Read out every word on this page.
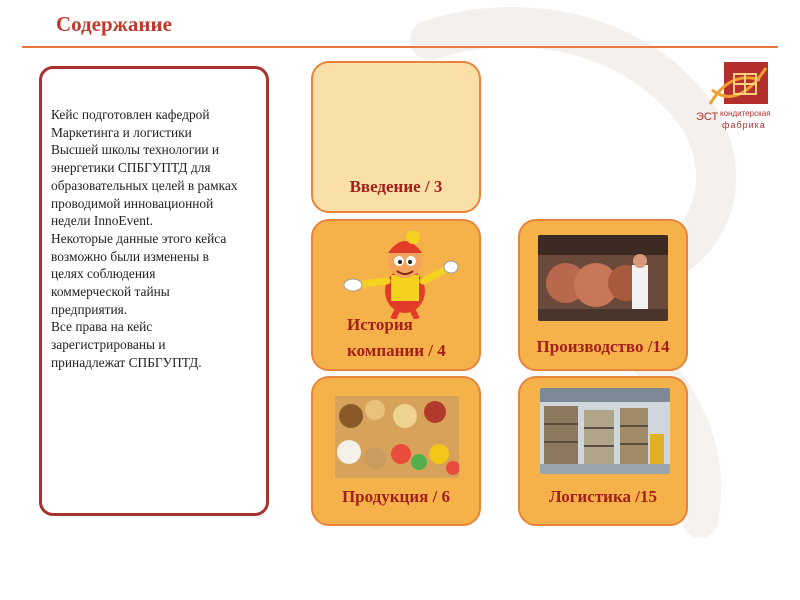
Содержание

Кейс подготовлен кафедрой
Маркетинга и логистики
Высшей школы технологии и
энергетики СПБГУПТД для
образовательных целей в рамках
проводимой инновационной
недели InnoEvent.
Некоторые данные этого кейса
возможно были изменены в
целях соблюдения
коммерческой тайны
предприятия.
Все права на кейс
зарегистрированы и
принадлежат СПБГУПТД.

Введение / 3
История
компании / 4	Производство /14
Продукция / 6	Логистика /15
ЭСТ кондитерская
фабрика
